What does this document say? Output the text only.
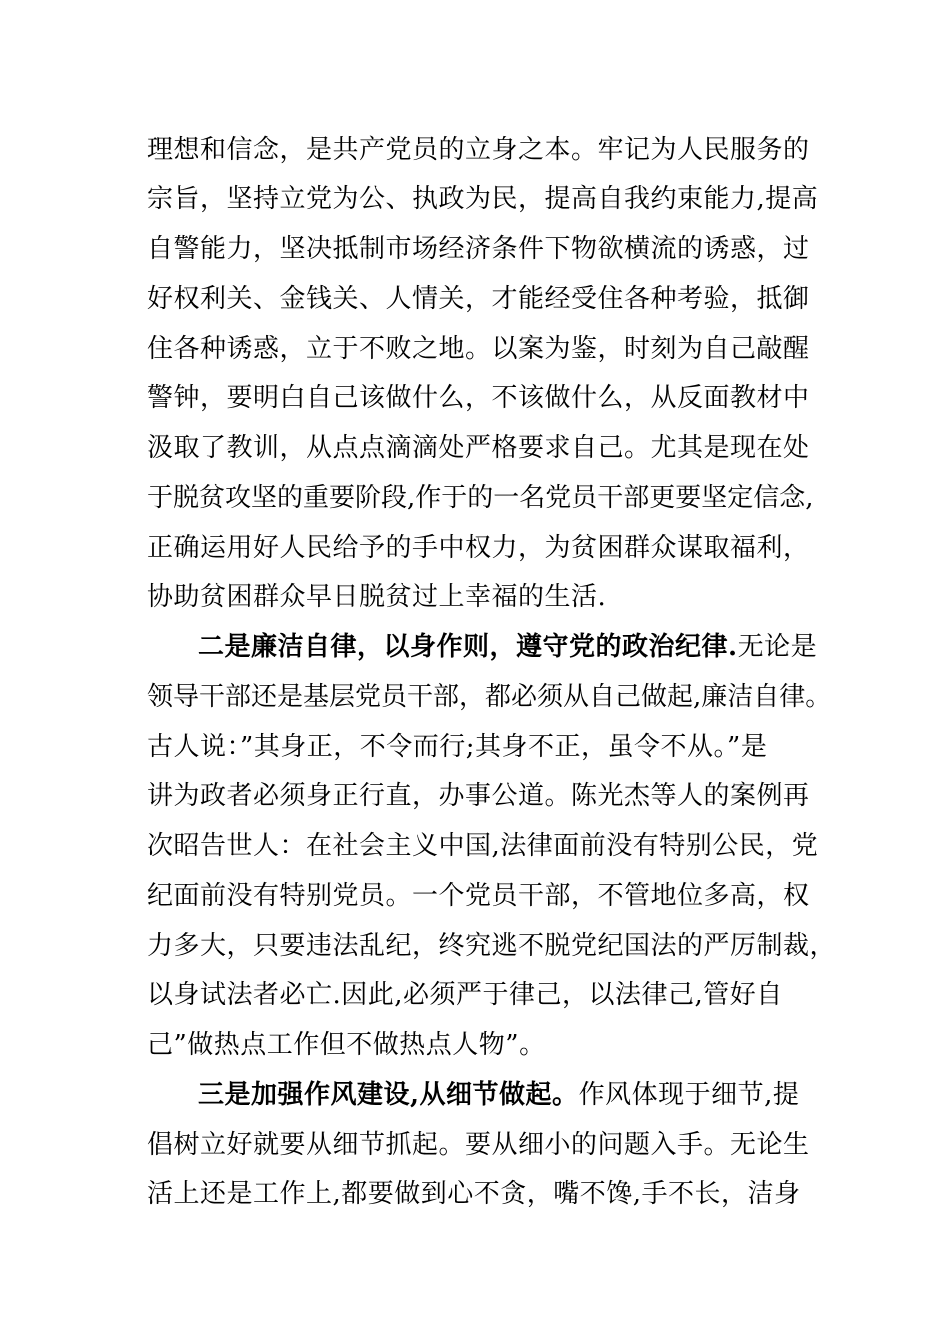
理想和信念，是共产党员的立身之本。牢记为人民服务的
宗旨，坚持立党为公、执政为民，提高自我约束能力,提高
自警能力，坚决抵制市场经济条件下物欲横流的诱惑，过
好权利关、金钱关、人情关，才能经受住各种考验，抵御
住各种诱惑，立于不败之地。以案为鉴，时刻为自己敲醒
警钟，要明白自己该做什么，不该做什么，从反面教材中
汲取了教训，从点点滴滴处严格要求自己。尤其是现在处
于脱贫攻坚的重要阶段,作于的一名党员干部更要坚定信念,
正确运用好人民给予的手中权力，为贫困群众谋取福利，
协助贫困群众早日脱贫过上幸福的生活.
二是廉洁自律，以身作则，遵守党的政治纪律.无论是
领导干部还是基层党员干部，都必须从自己做起,廉洁自律。
古人说：”其身正，不令而行;其身不正，虽令不从。”是
讲为政者必须身正行直，办事公道。陈光杰等人的案例再
次昭告世人：在社会主义中国,法律面前没有特别公民，党
纪面前没有特别党员。一个党员干部，不管地位多高，权
力多大，只要违法乱纪，终究逃不脱党纪国法的严厉制裁，
以身试法者必亡.因此,必须严于律己，以法律己,管好自
己”做热点工作但不做热点人物”。
三是加强作风建设,从细节做起。作风体现于细节,提
倡树立好就要从细节抓起。要从细小的问题入手。无论生
活上还是工作上,都要做到心不贪，嘴不馋,手不长，洁身
